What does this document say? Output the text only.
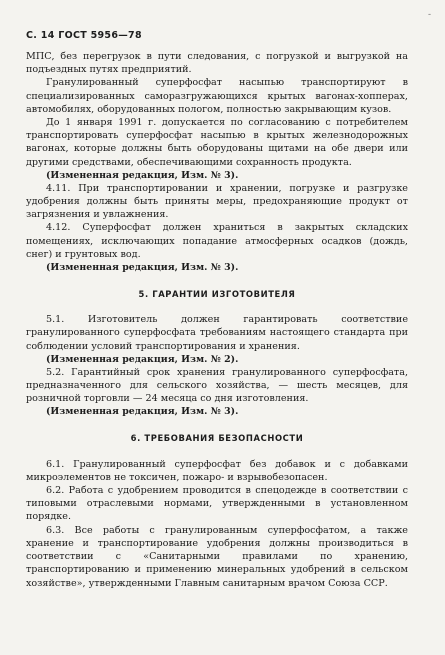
-
С. 14 ГОСТ 5956—78

МПС, без перегрузок в пути следования, с погрузкой и выгрузкой на подъездных путях предприятий.

Гранулированный суперфосфат насыпью транспортируют в специализированных саморазгружающихся крытых вагонах-хопперах, автомобилях, оборудованных пологом, полностью закрывающим кузов.

До 1 января 1991 г. допускается по согласованию с потребителем транспортировать суперфосфат насыпью в крытых железнодорожных вагонах, которые должны быть оборудованы щитами на обе двери или другими средствами, обеспечивающими сохранность продукта.

(Измененная редакция, Изм. № 3).

4.11. При транспортировании и хранении, погрузке и разгрузке удобрения должны быть приняты меры, предохраняющие продукт от загрязнения и увлажнения.

4.12. Суперфосфат должен храниться в закрытых складских помещениях, исключающих попадание атмосферных осадков (дождь, снег) и грунтовых вод.

(Измененная редакция, Изм. № 3).

5. ГАРАНТИИ ИЗГОТОВИТЕЛЯ

5.1. Изготовитель должен гарантировать соответствие гранулированного суперфосфата требованиям настоящего стандарта при соблюдении условий транспортирования и хранения.

(Измененная редакция, Изм. № 2).

5.2. Гарантийный срок хранения гранулированного суперфосфата, предназначенного для сельского хозяйства, — шесть месяцев, для розничной торговли — 24 месяца со дня изготовления.

(Измененная редакция, Изм. № 3).

6. ТРЕБОВАНИЯ БЕЗОПАСНОСТИ

6.1. Гранулированный суперфосфат без добавок и с добавками микроэлементов не токсичен, пожаро- и взрывобезопасен.

6.2. Работа с удобрением проводится в спецодежде в соответствии с типовыми отраслевыми нормами, утвержденными в установленном порядке.

6.3. Все работы с гранулированным суперфосфатом, а также хранение и транспортирование удобрения должны производиться в соответствии с «Санитарными правилами по хранению, транспортированию и применению минеральных удобрений в сельском хозяйстве», утвержденными Главным санитарным врачом Союза ССР.
